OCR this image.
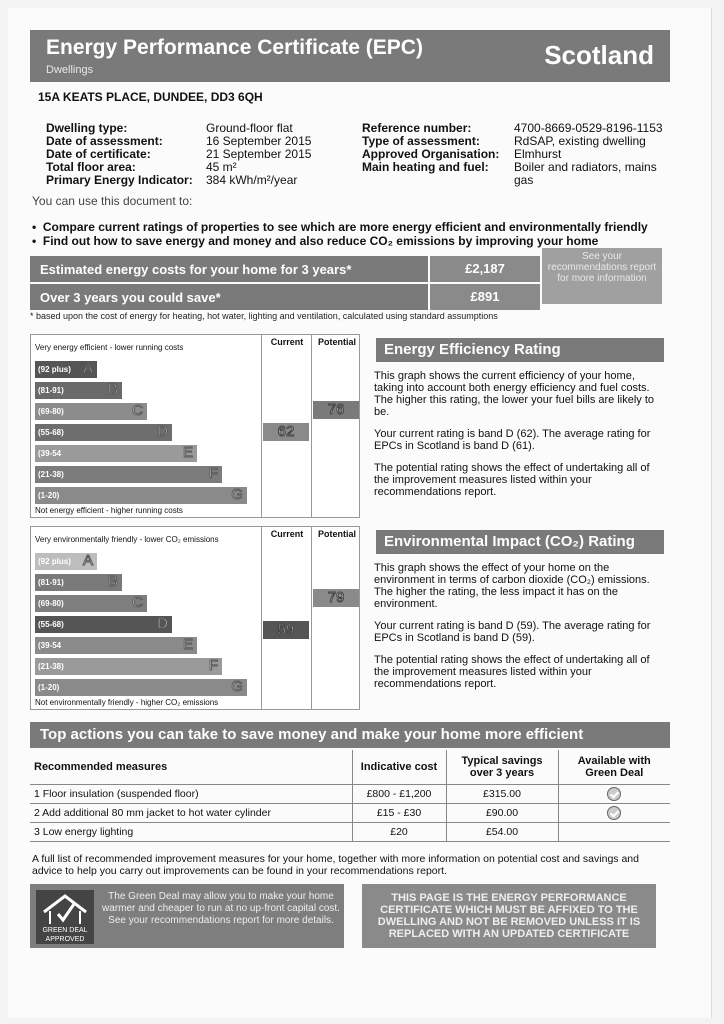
Energy Performance Certificate (EPC)
Dwellings	Scotland
15A KEATS PLACE, DUNDEE, DD3 6QH
Dwelling type:	Ground-floor flat
Date of assessment:	16 September 2015
Date of certificate:	21 September 2015
Total floor area:	45 m²
Primary Energy Indicator: 384 kWh/m²/year
Reference number:	4700-8669-0529-8196-1153
Type of assessment:	RdSAP, existing dwelling
Approved Organisation: Elmhurst
Main heating and fuel: Boiler and radiators, mains gas
You can use this document to:
•  Compare current ratings of properties to see which are more energy efficient and environmentally friendly
•  Find out how to save energy and money and also reduce CO₂ emissions by improving your home
Estimated energy costs for your home for 3 years*	£2,187
Over 3 years you could save*	£891
See your recommendations report for more information
* based upon the cost of energy for heating, hot water, lighting and ventilation, calculated using standard assumptions
Current	Potential
Very energy efficient - lower running costs
(92 plus) A
(81-91)	B
(69-80)	C
(55-68)	D
(39-54	E
(21-38)	F
(1-20)	G
76
62
Not energy efficient - higher running costs
Energy Efficiency Rating
This graph shows the current efficiency of your home, taking into account both energy efficiency and fuel costs. The higher this rating, the lower your fuel bills are likely to be.
Your current rating is band D (62). The average rating for EPCs in Scotland is band D (61).
The potential rating shows the effect of undertaking all of the improvement measures listed within your recommendations report.
Current	Potential
Very environmentally friendly - lower CO₂ emissions
(92 plus) A
(81-91)	B
(69-80)	C
(55-68)	D
(39-54	E
(21-38)	F
(1-20)	G
79
59
Not environmentally friendly - higher CO₂ emissions
Environmental Impact (CO₂) Rating
This graph shows the effect of your home on the environment in terms of carbon dioxide (CO₂) emissions. The higher the rating, the less impact it has on the environment.
Your current rating is band D (59). The average rating for EPCs in Scotland is band D (59).
The potential rating shows the effect of undertaking all of the improvement measures listed within your recommendations report.
Top actions you can take to save money and make your home more efficient
Recommended measures	Indicative cost	Typical savings over 3 years	Available with Green Deal
1 Floor insulation (suspended floor)	£800 - £1,200	£315.00	
2 Add additional 80 mm jacket to hot water cylinder	£15 - £30	£90.00	
3 Low energy lighting	£20	£54.00	
A full list of recommended improvement measures for your home, together with more information on potential cost and savings and advice to help you carry out improvements can be found in your recommendations report.
GREEN DEAL
APPROVED
The Green Deal may allow you to make your home warmer and cheaper to run at no up-front capital cost. See your recommendations report for more details.
THIS PAGE IS THE ENERGY PERFORMANCE CERTIFICATE WHICH MUST BE AFFIXED TO THE DWELLING AND NOT BE REMOVED UNLESS IT IS REPLACED WITH AN UPDATED CERTIFICATE
